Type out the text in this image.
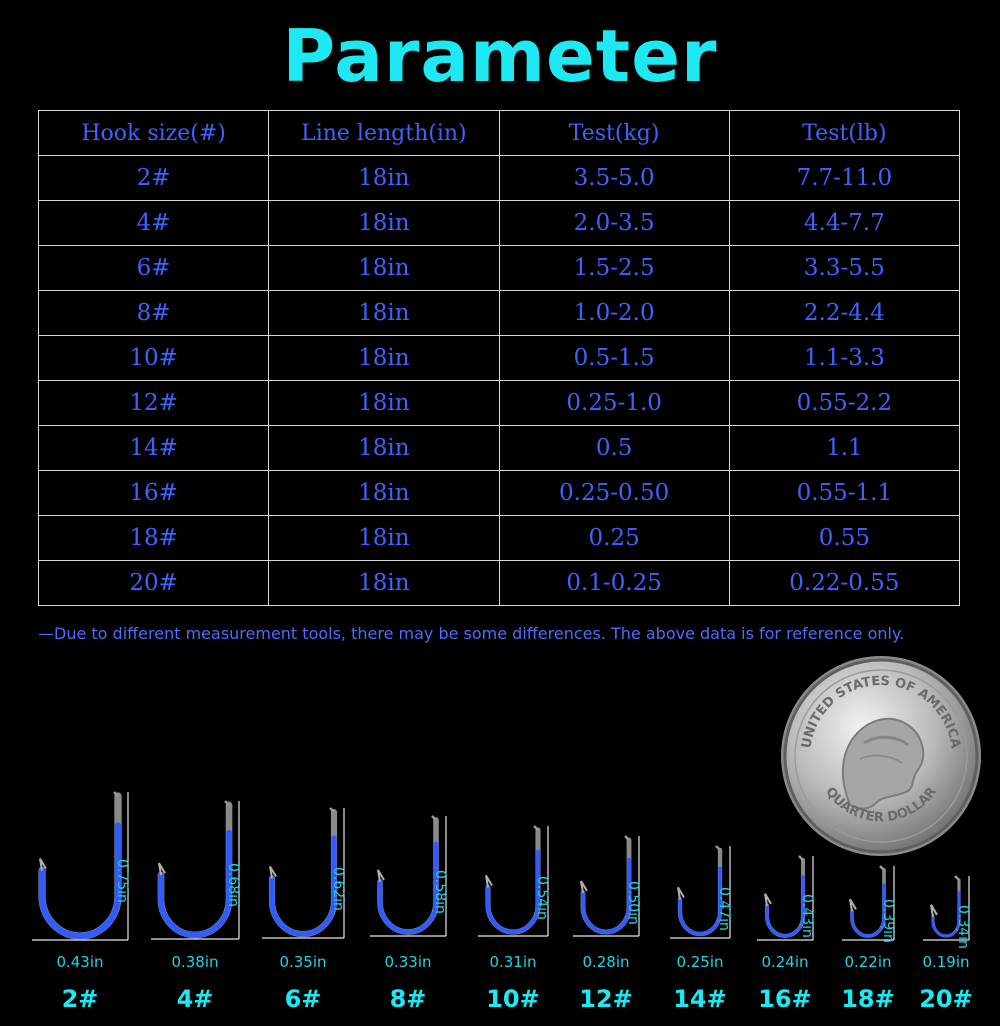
Parameter
Hook size(#)	Line length(in)	Test(kg)	Test(lb)
2#	18in	3.5-5.0	7.7-11.0
4#	18in	2.0-3.5	4.4-7.7
6#	18in	1.5-2.5	3.3-5.5
8#	18in	1.0-2.0	2.2-4.4
10#	18in	0.5-1.5	1.1-3.3
12#	18in	0.25-1.0	0.55-2.2
14#	18in	0.5	1.1
16#	18in	0.25-0.50	0.55-1.1
18#	18in	0.25	0.55
20#	18in	0.1-0.25	0.22-0.55
—Due to different measurement tools, there may be some differences. The above data is for reference only.
UNITED STATES OF AMERICA
QUARTER DOLLAR
0.75in
0.43in
2#
0.68in
0.38in
4#
0.62in
0.35in
6#
0.58in
0.33in
8#
0.54in
0.31in
10#
0.50in
0.28in
12#
0.47in
0.25in
14#
0.43in
0.24in
16#
0.39in
0.22in
18#
0.34in
0.19in
20#
